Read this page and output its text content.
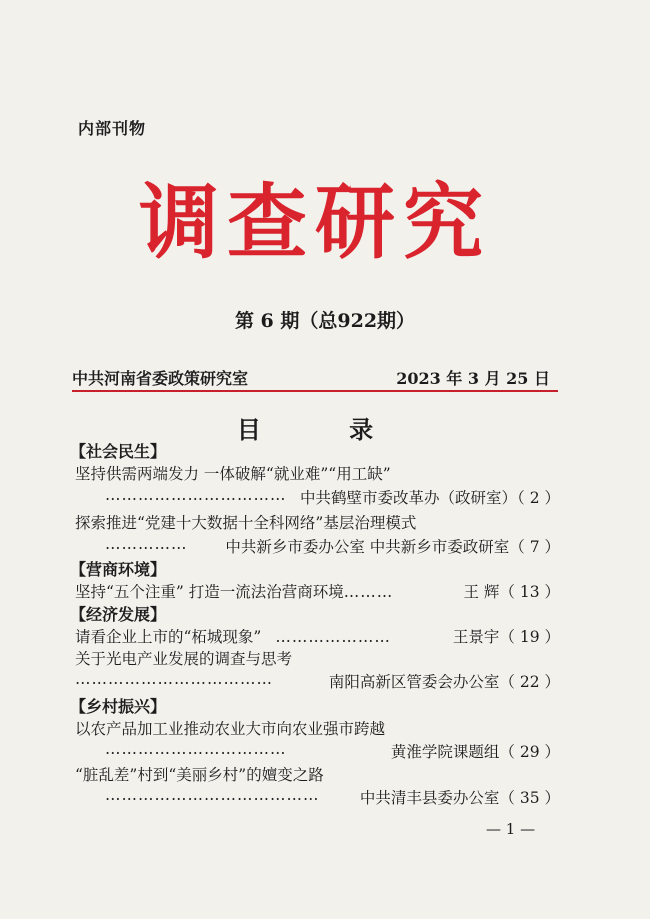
内部刊物
调查研究
第 6 期（总922期）
中共河南省委政策研究室	2023 年 3 月 25 日
目 录
【社会民生】
坚持供需两端发力 一体破解“就业难”“用工缺”
…………………………… 中共鹤壁市委改革办（政研室）（ 2 ）
探索推进“党建十大数据十全科网络”基层治理模式
…………… 中共新乡市委办公室 中共新乡市委政研室（ 7 ）
【营商环境】
坚持“五个注重” 打造一流法治营商环境………	王 辉（ 13 ）
【经济发展】
请看企业上市的“柘城现象” …………………	王景宇（ 19 ）
关于光电产业发展的调查与思考
………………………………	南阳高新区管委会办公室（ 22 ）
【乡村振兴】
以农产品加工业推动农业大市向农业强市跨越
……………………………	黄淮学院课题组（ 29 ）
“脏乱差”村到“美丽乡村”的嬗变之路
…………………………………	中共清丰县委办公室（ 35 ）
— 1 —
